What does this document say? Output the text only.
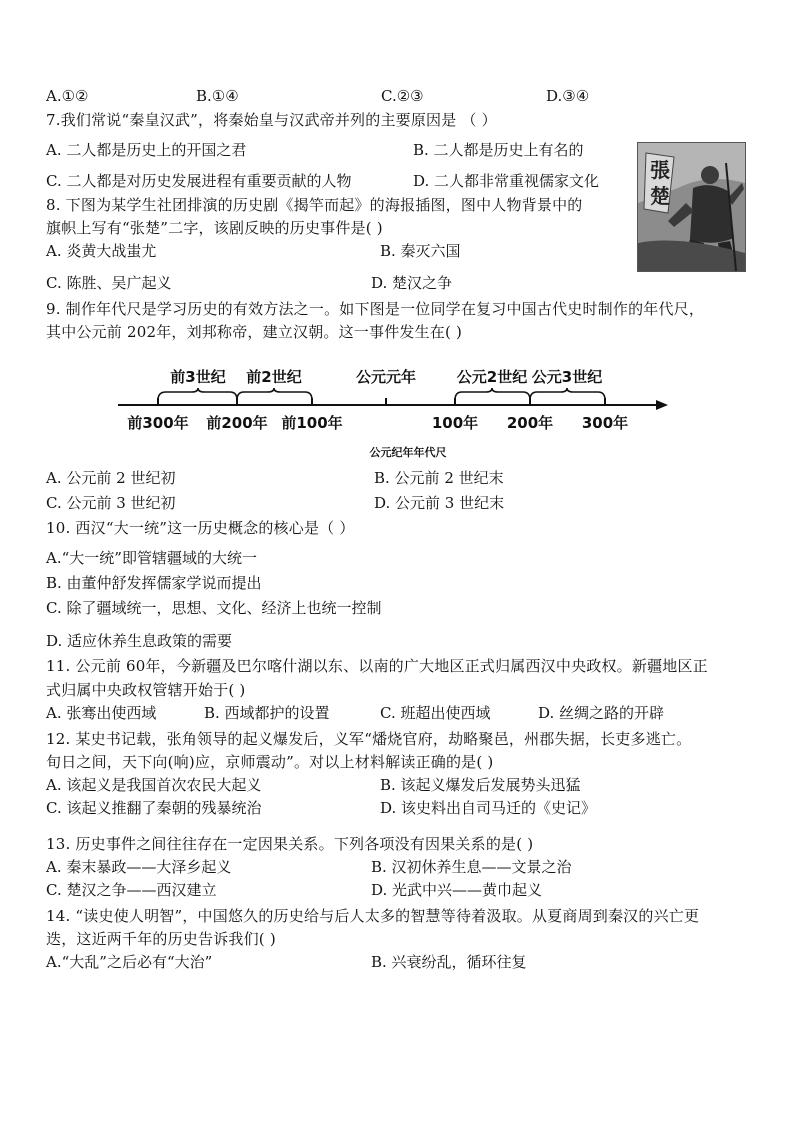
A.①②	B.①④	C.②③	D.③④
7.我们常说“秦皇汉武”，将秦始皇与汉武帝并列的主要原因是 （ ）
A. 二人都是历史上的开国之君	B. 二人都是历史上有名的
C. 二人都是对历史发展进程有重要贡献的人物	D. 二人都非常重视儒家文化
8. 下图为某学生社团排演的历史剧《揭竿而起》的海报插图，图中人物背景中的
旗帜上写有“张楚”二字，该剧反映的历史事件是( )
A. 炎黄大战蚩尤	B. 秦灭六国
C. 陈胜、吴广起义	D. 楚汉之争
張
楚
9. 制作年代尺是学习历史的有效方法之一。如下图是一位同学在复习中国古代史时制作的年代尺，
其中公元前 202年，刘邦称帝，建立汉朝。这一事件发生在( )
前3世纪 前2世纪	公元2世纪 公元3世纪
公元元年
前300年 前200年 前100年	100年 200年 300年
公元纪年年代尺
A. 公元前 2 世纪初	B. 公元前 2 世纪末
C. 公元前 3 世纪初	D. 公元前 3 世纪末
10. 西汉“大一统”这一历史概念的核心是（ ）
A.“大一统”即管辖疆域的大统一
B. 由董仲舒发挥儒家学说而提出
C. 除了疆域统一，思想、文化、经济上也统一控制
D. 适应休养生息政策的需要
11. 公元前 60年，今新疆及巴尔喀什湖以东、以南的广大地区正式归属西汉中央政权。新疆地区正
式归属中央政权管辖开始于( )
A. 张骞出使西域	B. 西域都护的设置	C. 班超出使西域	D. 丝绸之路的开辟
12. 某史书记载，张角领导的起义爆发后，义军“燔烧官府，劫略聚邑，州郡失据，长吏多逃亡。
旬日之间，天下向(响)应，京师震动”。对以上材料解读正确的是( )
A. 该起义是我国首次农民大起义	B. 该起义爆发后发展势头迅猛
C. 该起义推翻了秦朝的残暴统治	D. 该史料出自司马迁的《史记》
13. 历史事件之间往往存在一定因果关系。下列各项没有因果关系的是( )
A. 秦末暴政——大泽乡起义	B. 汉初休养生息——文景之治
C. 楚汉之争——西汉建立	D. 光武中兴——黄巾起义
14. “读史使人明智”，中国悠久的历史给与后人太多的智慧等待着汲取。从夏商周到秦汉的兴亡更
迭，这近两千年的历史告诉我们( )
A.“大乱”之后必有“大治”	B. 兴衰纷乱，循环往复
